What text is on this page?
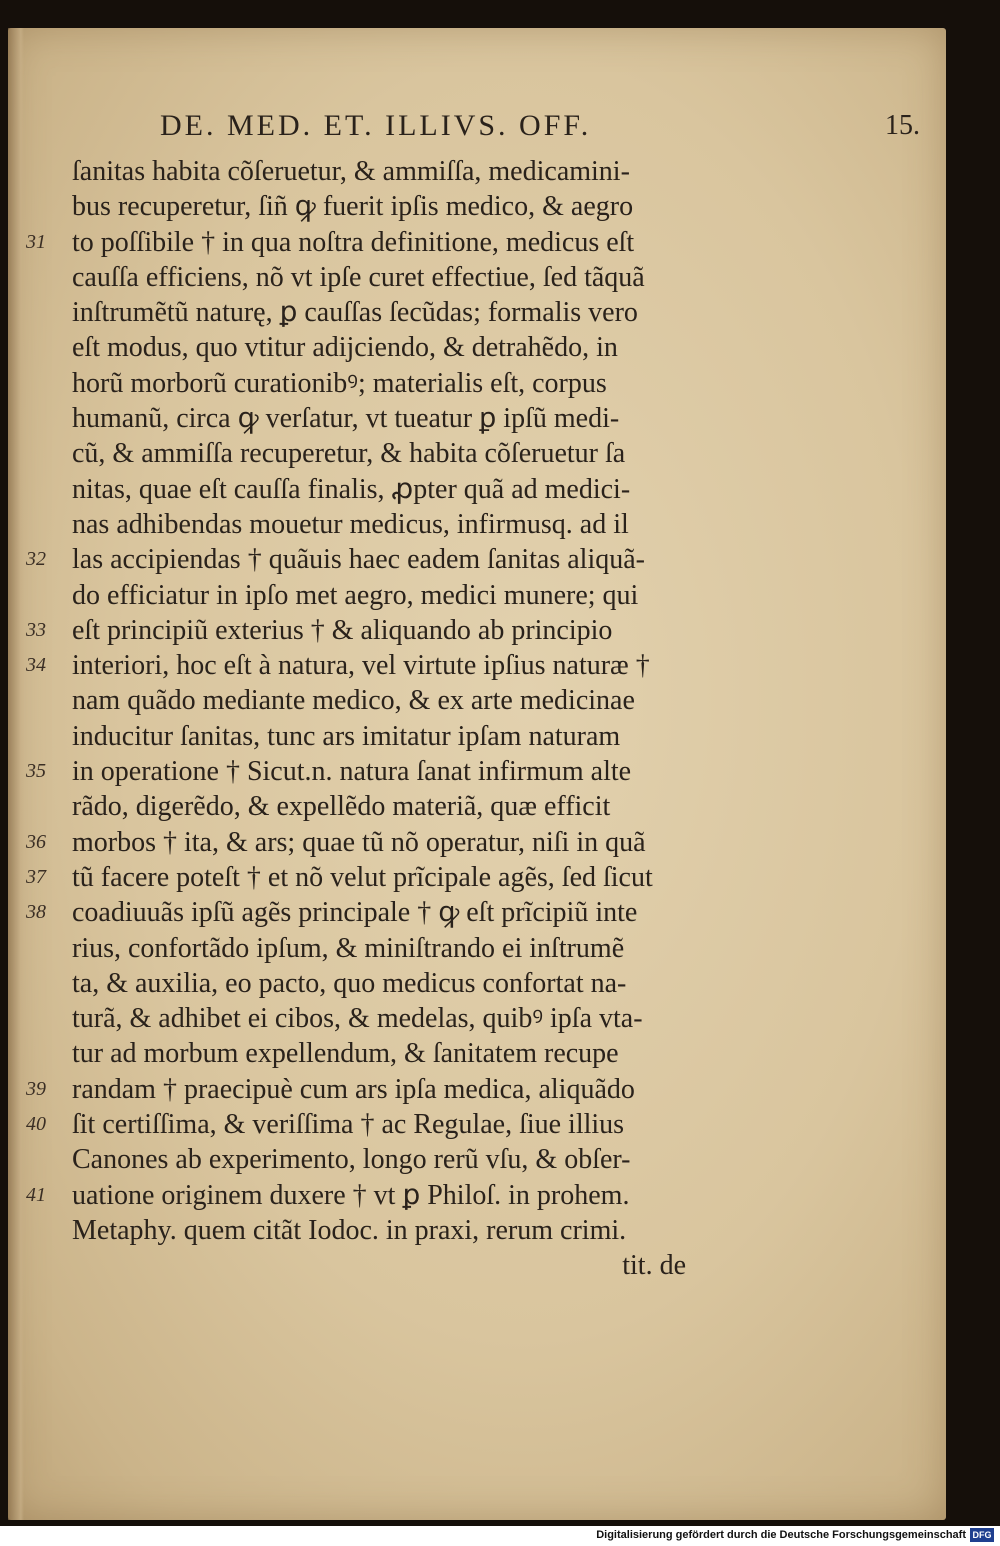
DE. MED. ET. ILLIVS. OFF.	15.
ſanitas habita cõſeruetur, & ammiſſa, medicamini-
bus recuperetur, ſiñ ꝙ fuerit ipſis medico, & aegro
31 to poſſibile † in qua noſtra definitione, medicus eſt
cauſſa efficiens, nõ vt ipſe curet effectiue, ſed tãquã
inſtrumẽtũ naturę, ꝑ cauſſas ſecũdas; formalis vero
eſt modus, quo vtitur adijciendo, & detrahẽdo, in
horũ morborũ curationibꝰ; materialis eſt, corpus
humanũ, circa ꝙ verſatur, vt tueatur ꝑ ipſũ medi-
cũ, & ammiſſa recuperetur, & habita cõſeruetur ſa
nitas, quae eſt cauſſa finalis, ꝓpter quã ad medici-
nas adhibendas mouetur medicus, infirmusq. ad il
32 las accipiendas † quãuis haec eadem ſanitas aliquã-
do efficiatur in ipſo met aegro, medici munere; qui
33 eſt principiũ exterius † & aliquando ab principio
34 interiori, hoc eſt à natura, vel virtute ipſius naturæ †
nam quãdo mediante medico, & ex arte medicinae
inducitur ſanitas, tunc ars imitatur ipſam naturam
35 in operatione † Sicut.n. natura ſanat infirmum alte
rãdo, digerẽdo, & expellẽdo materiã, quæ efficit
36 morbos † ita, & ars; quae tũ nõ operatur, niſi in quã
37 tũ facere poteſt † et nõ velut prĩcipale agẽs, ſed ſicut
38 coadiuuãs ipſũ agẽs principale † ꝙ eſt prĩcipiũ inte
rius, confortãdo ipſum, & miniſtrando ei inſtrumẽ
ta, & auxilia, eo pacto, quo medicus confortat na-
turã, & adhibet ei cibos, & medelas, quibꝰ ipſa vta-
tur ad morbum expellendum, & ſanitatem recupe
39 randam † praecipuè cum ars ipſa medica, aliquãdo
40 ſit certiſſima, & veriſſima † ac Regulae, ſiue illius
Canones ab experimento, longo rerũ vſu, & obſer-
41 uatione originem duxere † vt ꝑ Philoſ. in prohem.
Metaphy. quem citãt Iodoc. in praxi, rerum crimi.
tit. de
Digitalisierung gefördert durch die Deutsche Forschungsgemeinschaft DFG
